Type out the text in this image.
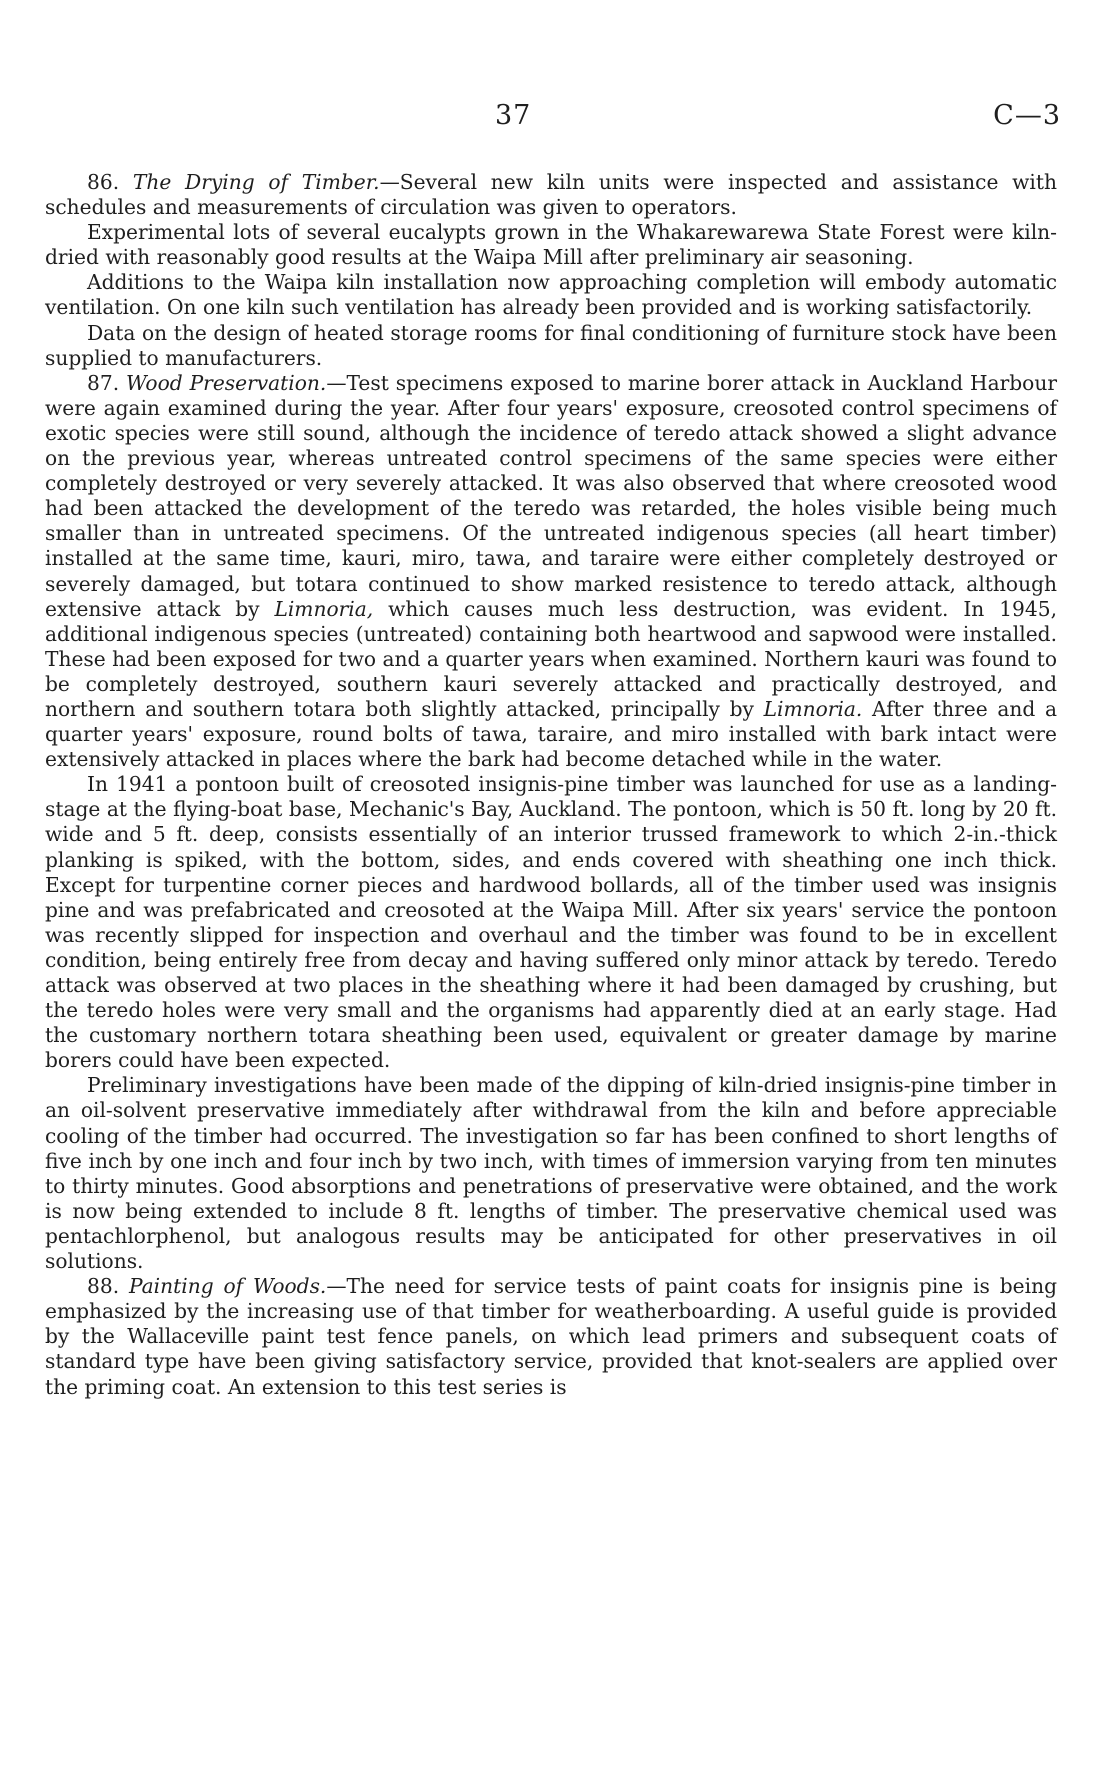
37	C—3

86. The Drying of Timber.—Several new kiln units were inspected and assistance with schedules and measurements of circulation was given to operators.

Experimental lots of several eucalypts grown in the Whakarewarewa State Forest were kiln-dried with reasonably good results at the Waipa Mill after preliminary air seasoning.

Additions to the Waipa kiln installation now approaching completion will embody automatic ventilation. On one kiln such ventilation has already been provided and is working satisfactorily.

Data on the design of heated storage rooms for final conditioning of furniture stock have been supplied to manufacturers.

87. Wood Preservation.—Test specimens exposed to marine borer attack in Auckland Harbour were again examined during the year. After four years' exposure, creosoted control specimens of exotic species were still sound, although the incidence of teredo attack showed a slight advance on the previous year, whereas untreated control specimens of the same species were either completely destroyed or very severely attacked. It was also observed that where creosoted wood had been attacked the development of the teredo was retarded, the holes visible being much smaller than in untreated specimens. Of the untreated indigenous species (all heart timber) installed at the same time, kauri, miro, tawa, and taraire were either completely destroyed or severely damaged, but totara continued to show marked resistence to teredo attack, although extensive attack by Limnoria, which causes much less destruction, was evident. In 1945, additional indigenous species (untreated) containing both heartwood and sapwood were installed. These had been exposed for two and a quarter years when examined. Northern kauri was found to be completely destroyed, southern kauri severely attacked and practically destroyed, and northern and southern totara both slightly attacked, principally by Limnoria. After three and a quarter years' exposure, round bolts of tawa, taraire, and miro installed with bark intact were extensively attacked in places where the bark had become detached while in the water.

In 1941 a pontoon built of creosoted insignis-pine timber was launched for use as a landing-stage at the flying-boat base, Mechanic's Bay, Auckland. The pontoon, which is 50 ft. long by 20 ft. wide and 5 ft. deep, consists essentially of an interior trussed framework to which 2-in.-thick planking is spiked, with the bottom, sides, and ends covered with sheathing one inch thick. Except for turpentine corner pieces and hardwood bollards, all of the timber used was insignis pine and was prefabricated and creosoted at the Waipa Mill. After six years' service the pontoon was recently slipped for inspection and overhaul and the timber was found to be in excellent condition, being entirely free from decay and having suffered only minor attack by teredo. Teredo attack was observed at two places in the sheathing where it had been damaged by crushing, but the teredo holes were very small and the organisms had apparently died at an early stage. Had the customary northern totara sheathing been used, equivalent or greater damage by marine borers could have been expected.

Preliminary investigations have been made of the dipping of kiln-dried insignis-pine timber in an oil-solvent preservative immediately after withdrawal from the kiln and before appreciable cooling of the timber had occurred. The investigation so far has been confined to short lengths of five inch by one inch and four inch by two inch, with times of immersion varying from ten minutes to thirty minutes. Good absorptions and penetrations of preservative were obtained, and the work is now being extended to include 8 ft. lengths of timber. The preservative chemical used was pentachlorphenol, but analogous results may be anticipated for other preservatives in oil solutions.

88. Painting of Woods.—The need for service tests of paint coats for insignis pine is being emphasized by the increasing use of that timber for weatherboarding. A useful guide is provided by the Wallaceville paint test fence panels, on which lead primers and subsequent coats of standard type have been giving satisfactory service, provided that knot-sealers are applied over the priming coat. An extension to this test series is
